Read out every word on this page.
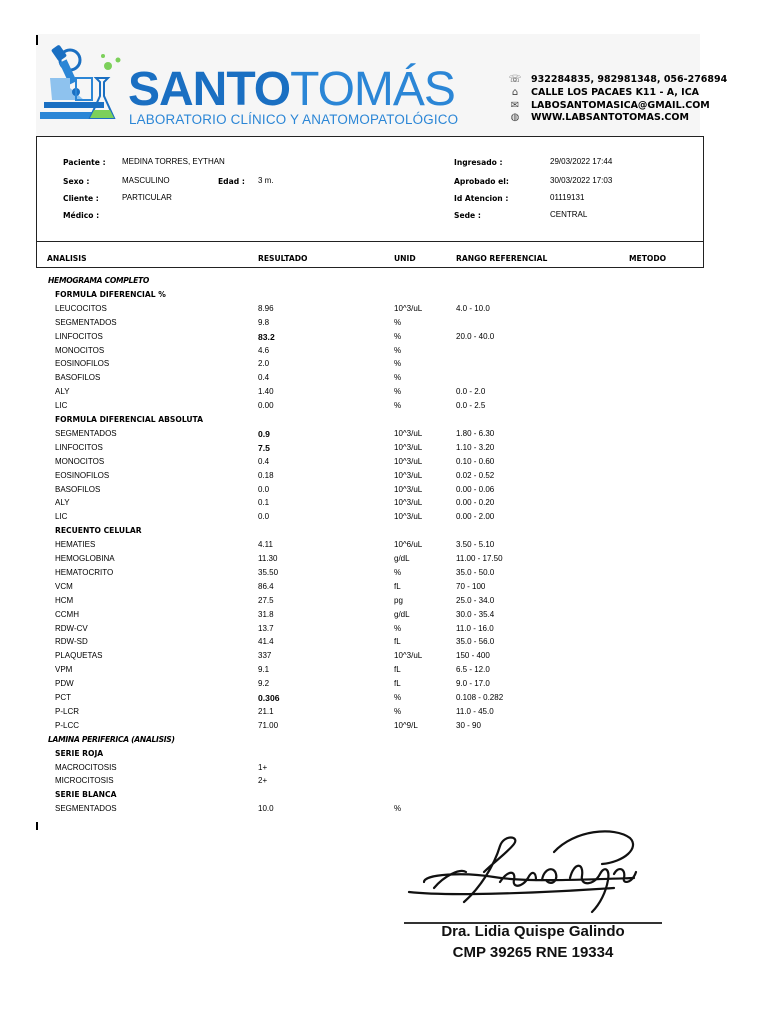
SANTOTOMÁS
LABORATORIO CLÍNICO Y ANATOMOPATOLÓGICO
☏ 932284835, 982981348, 056-276894
⌂	CALLE LOS PACAES K11 - A, ICA
✉ LABOSANTOMASICA@GMAIL.COM
◍ WWW.LABSANTOTOMAS.COM
Paciente : MEDINA TORRES, EYTHAN
Sexo :	MASCULINO	Edad : 3 m.
Cliente :	PARTICULAR
Médico :
Ingresado :	29/03/2022 17:44
Aprobado el:	30/03/2022 17:03
Id Atencion :	01119131
Sede :	CENTRAL
ANALISIS	RESULTADO	UNID	RANGO REFERENCIAL	METODO
HEMOGRAMA COMPLETO
FORMULA DIFERENCIAL %
LEUCOCITOS	8.96	10^3/uL	4.0 - 10.0
SEGMENTADOS	9.8	%
LINFOCITOS	83.2	%	20.0 - 40.0
MONOCITOS	4.6	%
EOSINOFILOS	2.0	%
BASOFILOS	0.4	%
ALY	1.40	%	0.0 - 2.0
LIC	0.00	%	0.0 - 2.5
FORMULA DIFERENCIAL ABSOLUTA
SEGMENTADOS	0.9	10^3/uL	1.80 - 6.30
LINFOCITOS	7.5	10^3/uL	1.10 - 3.20
MONOCITOS	0.4	10^3/uL	0.10 - 0.60
EOSINOFILOS	0.18	10^3/uL	0.02 - 0.52
BASOFILOS	0.0	10^3/uL	0.00 - 0.06
ALY	0.1	10^3/uL	0.00 - 0.20
LIC	0.0	10^3/uL	0.00 - 2.00
RECUENTO CELULAR
HEMATIES	4.11	10^6/uL	3.50 - 5.10
HEMOGLOBINA	11.30	g/dL	11.00 - 17.50
HEMATOCRITO	35.50	%	35.0 - 50.0
VCM	86.4	fL	70 - 100
HCM	27.5	pg	25.0 - 34.0
CCMH	31.8	g/dL	30.0 - 35.4
RDW-CV	13.7	%	11.0 - 16.0
RDW-SD	41.4	fL	35.0 - 56.0
PLAQUETAS	337	10^3/uL	150 - 400
VPM	9.1	fL	6.5 - 12.0
PDW	9.2	fL	9.0 - 17.0
PCT	0.306	%	0.108 - 0.282
P-LCR	21.1	%	11.0 - 45.0
P-LCC	71.00	10^9/L	30 - 90
LAMINA PERIFERICA (ANALISIS)
SERIE ROJA
MACROCITOSIS	1+
MICROCITOSIS	2+
SERIE BLANCA
SEGMENTADOS	10.0	%
Dra. Lidia Quispe Galindo
CMP 39265 RNE 19334
